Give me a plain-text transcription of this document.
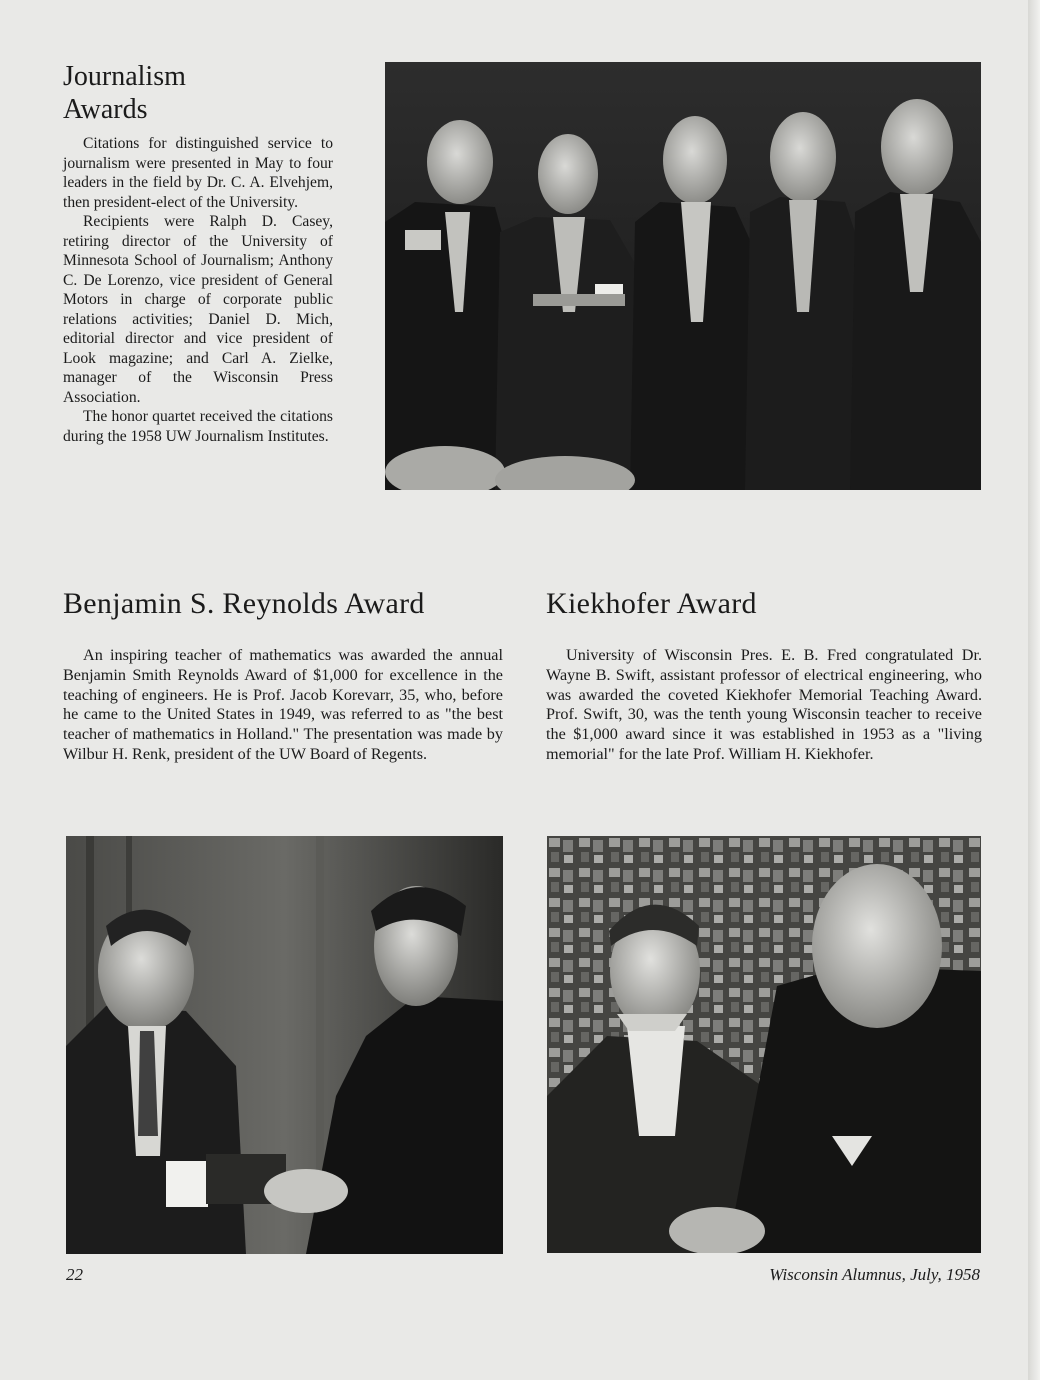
Journalism
Awards

Citations for distinguished service to journalism were presented in May to four leaders in the field by Dr. C. A. Elvehjem, then president-elect of the University.

Recipients were Ralph D. Casey, retiring director of the University of Minnesota School of Journalism; Anthony C. De Lorenzo, vice president of General Motors in charge of corporate public relations activities; Daniel D. Mich, editorial director and vice president of Look magazine; and Carl A. Zielke, manager of the Wisconsin Press Association.

The honor quartet received the citations during the 1958 UW Journalism Institutes.

Benjamin S. Reynolds Award

An inspiring teacher of mathematics was awarded the annual Benjamin Smith Reynolds Award of $1,000 for excellence in the teaching of engineers. He is Prof. Jacob Korevarr, 35, who, before he came to the United States in 1949, was referred to as "the best teacher of mathematics in Holland." The presentation was made by Wilbur H. Renk, president of the UW Board of Regents.

Kiekhofer Award

University of Wisconsin Pres. E. B. Fred congratulated Dr. Wayne B. Swift, assistant professor of electrical engineering, who was awarded the coveted Kiekhofer Memorial Teaching Award. Prof. Swift, 30, was the tenth young Wisconsin teacher to receive the $1,000 award since it was established in 1953 as a "living memorial" for the late Prof. William H. Kiekhofer.

22	Wisconsin Alumnus, July, 1958
